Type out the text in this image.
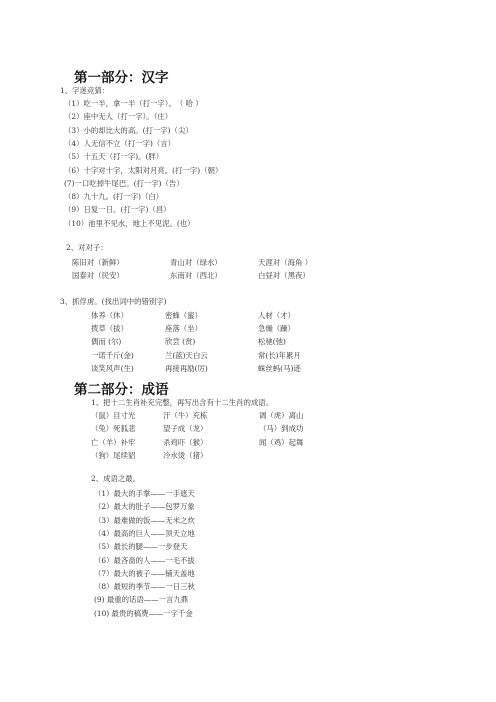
第一部分：汉字
1、字迷竞猜：
（1）吃一半，拿一半（打一字）。　（ 哈 ）
（2）座中无人（打一字）。（庄）
（3）小的却比大的高。(打一字)（尖）
（4）人无信不立（打一字)（言）
（5）十五天（打一字)。(胖）
（6）十字对十字，太阳对月亮。(打一字)（朝）
(7)一口吃掉牛尾巴。(打一字)（告）
（8）九十九。(打一字)（白）
（9）日复一日。(打一字)（昌）
（10）池里不见水，地上不见泥。(也）
2、对对子：
陈旧对（新鲜）	青山对（绿水）	天涯对（海角 ）
国泰对（民安）	东南对（西北）	白昼对（黑夜）
3、抓俘虏。(找出词中的错别字)
体养（休）	密蜂（蜜）	人材（才）
拨草（拔）	座落（坐）	急燥（躁）
偶而 (尔)	欣尝 (赏)	松驰(弛)
一诺千斤(金)	兰(蓝)天白云	常(长)年累月
谈笑风声(生)	再接再励(厉)	蛛丝蚂(马)迹
第二部分：成语
1、把十二生肖补充完整，再写出含有十二生肖的成语。
（鼠）目寸光	汗（牛）充栋	调（虎）离山
（兔）死狐悲	望子成（龙）	（马）到成功
亡（羊）补牢	杀鸡吓（猴）	闻（鸡）起舞
（狗）尾续貂	冷水烫（猪）
2、成语之最。
（1）最大的手掌——一手遮天
（2）最大的肚子——包罗万象
（3）最难做的饭——无米之炊
（4）最高的巨人——顶天立地
（5）最长的腿——一步登天
（6）最吝啬的人——一毛不拔
（7）最大的被子——铺天盖地
（8）最短的季节——一日三秋
(9) 最重的话语——一言九鼎
(10) 最贵的稿费——一字千金
